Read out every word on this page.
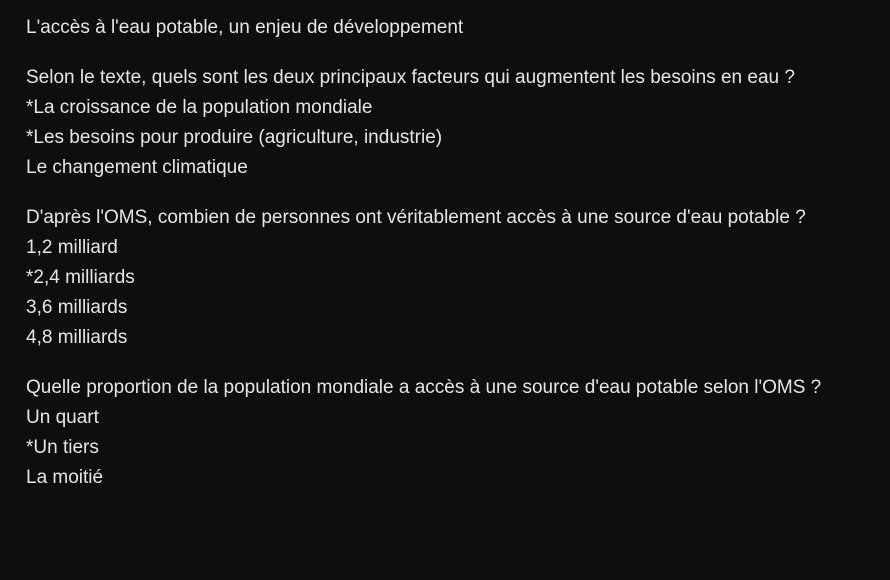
L'accès à l'eau potable, un enjeu de développement
Selon le texte, quels sont les deux principaux facteurs qui augmentent les besoins en eau ?
*La croissance de la population mondiale
*Les besoins pour produire (agriculture, industrie)
Le changement climatique
D'après l'OMS, combien de personnes ont véritablement accès à une source d'eau potable ?
1,2 milliard
*2,4 milliards
3,6 milliards
4,8 milliards
Quelle proportion de la population mondiale a accès à une source d'eau potable selon l'OMS ?
Un quart
*Un tiers
La moitié
